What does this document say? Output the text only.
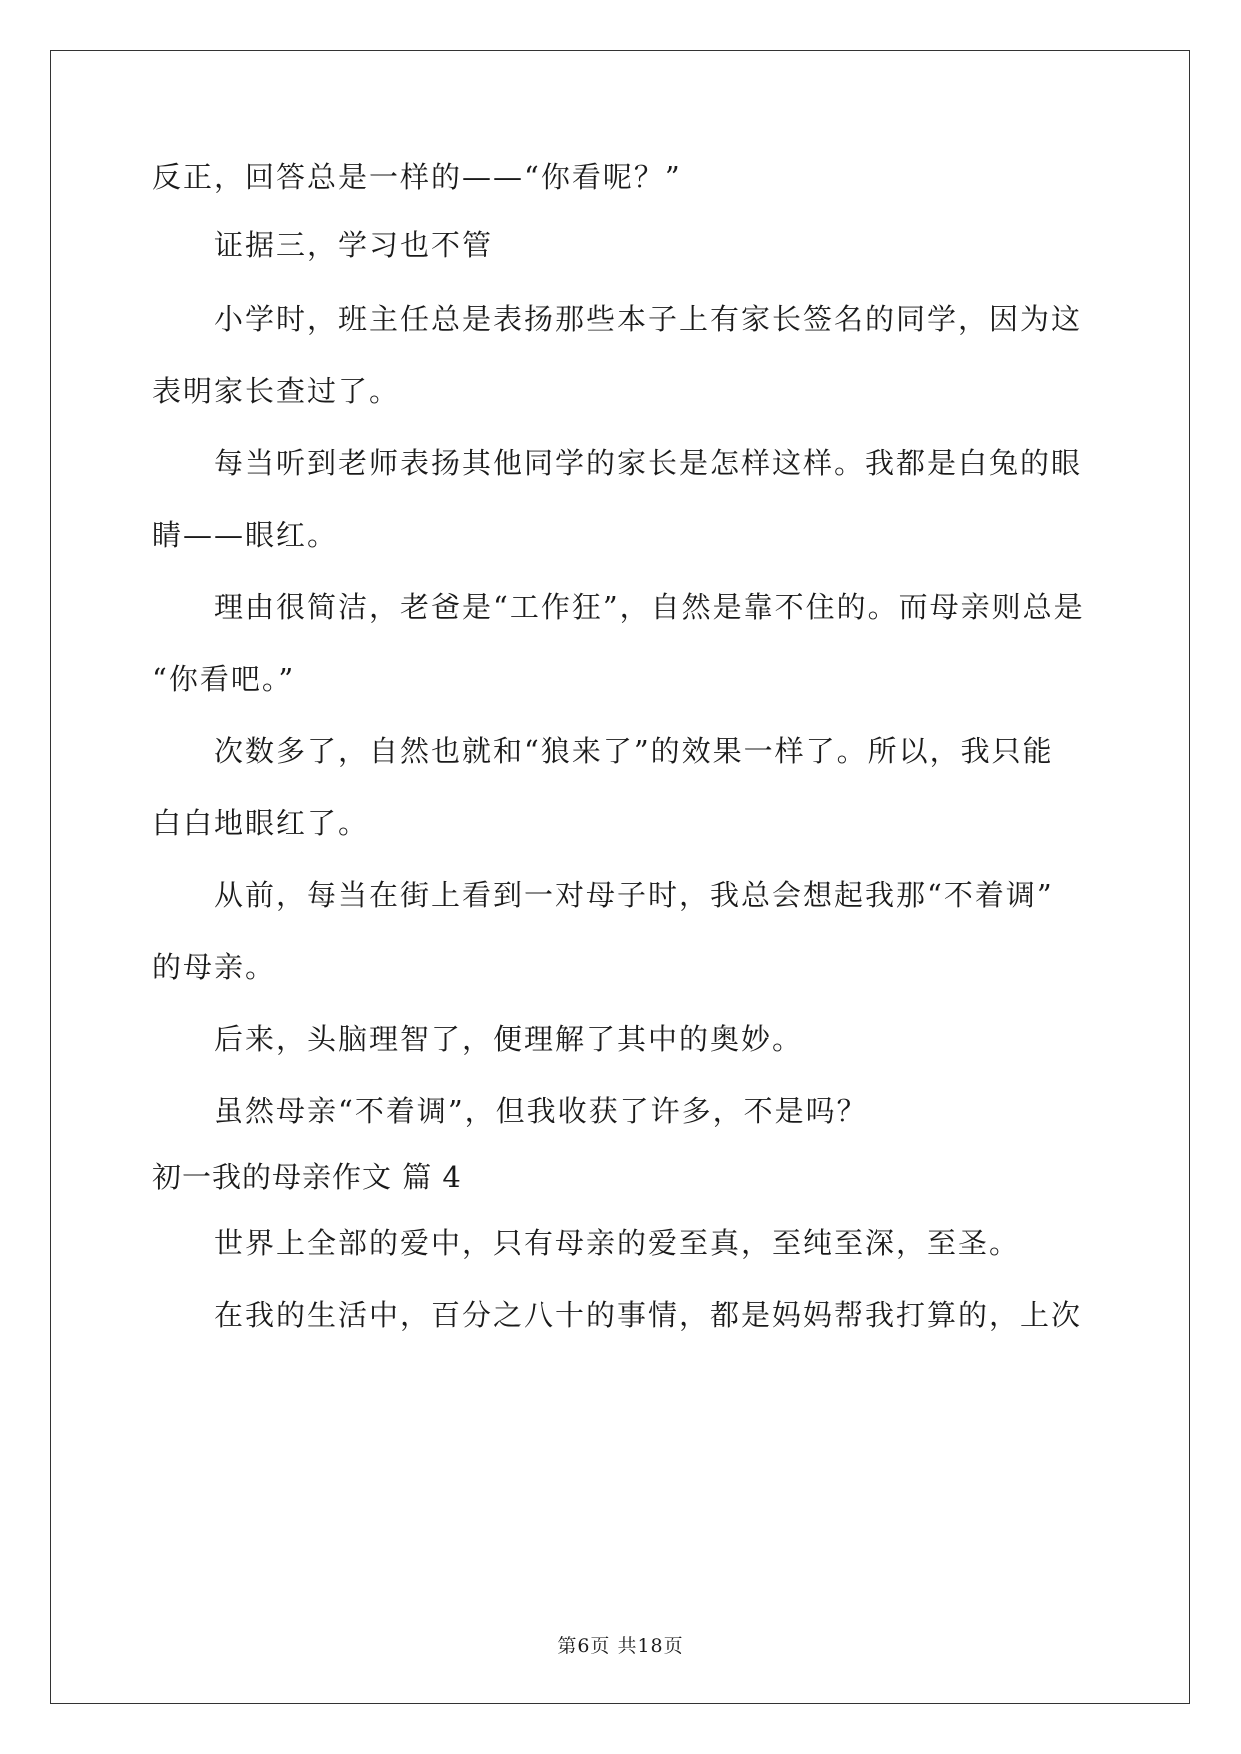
反正，回答总是一样的——“你看呢？”
证据三，学习也不管
小学时，班主任总是表扬那些本子上有家长签名的同学，因为这
表明家长查过了。
每当听到老师表扬其他同学的家长是怎样这样。我都是白兔的眼
睛——眼红。
理由很简洁，老爸是“工作狂”，自然是靠不住的。而母亲则总是
“你看吧。”
次数多了，自然也就和“狼来了”的效果一样了。所以，我只能
白白地眼红了。
从前，每当在街上看到一对母子时，我总会想起我那“不着调”
的母亲。
后来，头脑理智了，便理解了其中的奥妙。
虽然母亲“不着调”，但我收获了许多，不是吗？
初一我的母亲作文 篇 4
世界上全部的爱中，只有母亲的爱至真，至纯至深，至圣。
在我的生活中，百分之八十的事情，都是妈妈帮我打算的，上次
第6页 共18页
